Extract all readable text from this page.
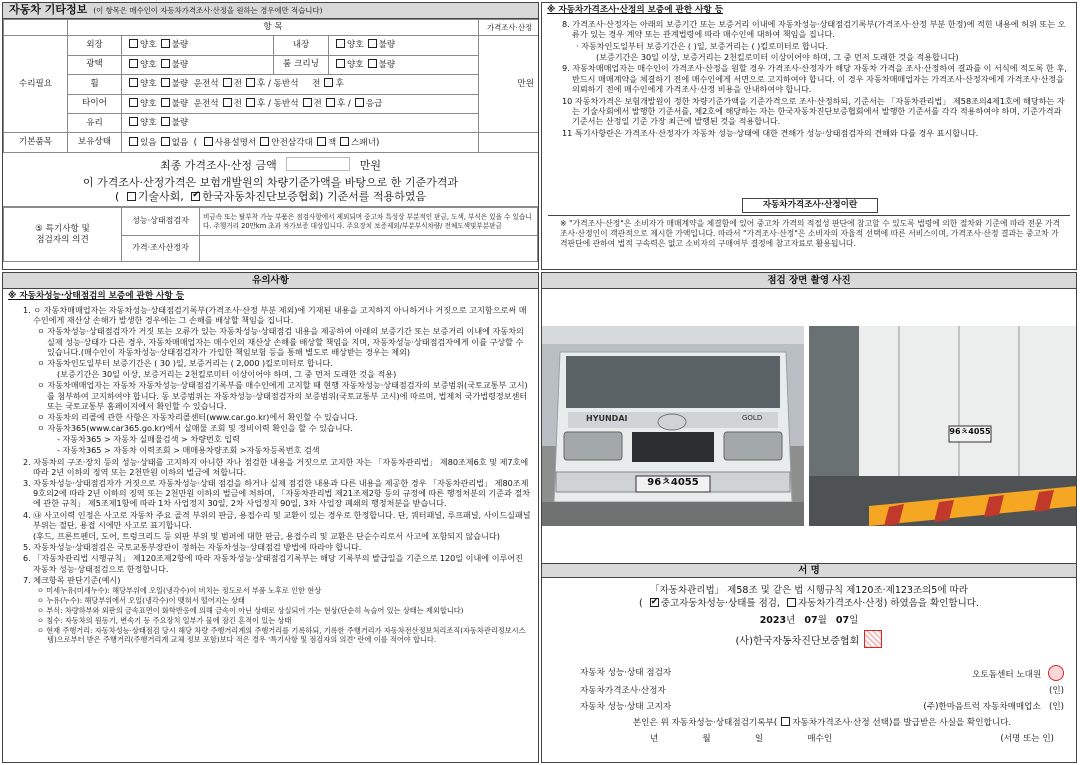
자동차 기타정보 (이 항목은 매수인이 자동차가격조사·산정을 원하는 경우에만 적습니다)
	항 목				가격조사·산정
수리필요	외장	양호 불량	내장	양호 불량	만원
	광택	양호 불량	룸 크리닝	양호 불량	
	휠	양호 불량 운전석 전 후 / 동반석 전 후			
	타이어	양호 불량 운전석 전 후 / 동반석 전 후 / 응급			
	유리	양호 불량			
기본품목	보유상태	있음 없음  ( 사용설명서 안전삼각대 잭 스패너)			
최종 가격조사·산정 금액	만원
이 가격조사·산정가격은 보험개발원의 차량기준가액을 바탕으로 한 기준가격과
( 기술사회, ✔ 한국자동차진단보증협회) 기준서를 적용하였음
⑤ 특기사항 및
점검자의 의견	성능·상태점검자	비금속 또는 탈부착 가능 부품은 점검사항에서 제외되며 중고차 특성상 부분적인 판금, 도색, 부식은 있을 수 있습니다. 주행거리 20만km 초과 차가보증 대상입니다. 주요장치 보증제외/부분부식차량/ 전체도색및부분판금
	가격·조사산정자	
※ 자동차가격조사·산정의 보증에 관한 사항 등

8. 가격조사·산정자는 아래의 보증기간 또는 보증거리 이내에 자동차성능·상태점검기록부(가격조사·산정 부분 한정)에 적힌 내용에 허위 또는 오류가 있는 경우 계약 또는 관계법령에 따라 매수인에 대하여 책임을 집니다.

· 자동차인도일부터 보증기간은 ( )일, 보증거리는 ( )킬로미터로 합니다.

(보증기간은 30일 이상, 보증거리는 2천킬로미터 이상이어야 하며, 그 중 먼저 도래한 것을 적용합니다)

9. 자동차매매업자는 매수인이 가격조사·산정을 원할 경우 가격조사·산정자가 해당 자동차 가격을 조사·산정하여 결과를 이 서식에 적도록 한 후, 반드시 매매계약을 체결하기 전에 매수인에게 서면으로 고지하여야 합니다. 이 경우 자동차매매업자는 가격조사·산정자에게 가격조사·산정을 의뢰하기 전에 매수인에게 가격조사·산정 비용을 안내하여야 합니다.

10 자동차가격은 보험개발원이 정한 차량기준가액을 기준가격으로 조사·산정하되, 기준서는 「자동차관리법」 제58조의4제1호에 해당하는 자는 기술사회에서 발행한 기준서를, 제2호에 해당하는 자는 한국자동차진단보증협회에서 발행한 기준서를 각각 적용하여야 하며, 기준가격과 기준서는 산정일 기준 가장 최근에 발행된 것을 적용합니다.

11 특기사항란은 가격조사·산정자가 자동차 성능·상태에 대한 견해가 성능·상태점검자의 견해와 다를 경우 표시합니다.

자동차가격조사·산정이란
※ "가격조사·산정"은 소비자가 매매계약을 체결함에 있어 중고차 가격의 적절성 판단에 참고할 수 있도록 법령에 의한 절차와 기준에 따라 전문 가격조사·산정인이 객관적으로 제시한 가액입니다. 따라서 "가격조사·산정"은 소비자의 자율적 선택에 따른 서비스이며, 가격조사·산정 결과는 중고차 가격판단에 관하여 법적 구속력은 없고 소비자의 구매여부 결정에 참고자료로 활용됩니다.
유의사항
※ 자동차성능·상태점검의 보증에 관한 사항 등

1. ㅇ 자동차매매업자는 자동차성능·상태점검기록부(가격조사·산정 부분 제외)에 기재된 내용을 고지하지 아니하거나 거짓으로 고지함으로써 매수인에게 재산상 손해가 발생한 경우에는 그 손해를 배상할 책임을 집니다.

ㅇ 자동차성능·상태점검자가 거짓 또는 오류가 있는 자동차성능·상태점검 내용을 제공하여 아래의 보증기간 또는 보증거리 이내에 자동차의 실제 성능·상태가 다른 경우, 자동차매매업자는 매수인의 재산상 손해를 배상할 책임을 지며, 자동차성능·상태점검자에게 이를 구상할 수 있습니다.(매수인이 자동차성능·상태점검자가 가입한 책임보험 등을 통해 별도로 배상받는 경우는 제외)

ㅇ 자동차인도일부터 보증기간은 ( 30 )일, 보증거리는 ( 2,000 )킬로미터로 합니다.

(보증기간은 30일 이상, 보증거리는 2천킬로미터 이상이어야 하며, 그 중 먼저 도래한 것을 적용)

ㅇ 자동차매매업자는 자동차 자동차성능·상태점검기록부를 매수인에게 고지할 때 현행 자동차성능·상태점검자의 보증범위(국토교통부 고시)를 첨부하여 고지하여야 합니다. 동 보증범위는 자동차성능·상태점검자의 보증범위(국토교통부 고시)에 따르며, 법제처 국가법령정보센터 또는 국토교통부 홈페이지에서 확인할 수 있습니다.

ㅇ 자동차의 리콜에 관한 사항은 자동차리콜센터(www.car.go.kr)에서 확인할 수 있습니다.

ㅇ 자동차365(www.car365.go.kr)에서 실매물 조회 및 정비이력 확인을 할 수 있습니다.

- 자동차365 > 자동차 실매물검색 > 차량번호 입력

- 자동차365 > 자동차 이력조회 > 매매용차량조회 >자동차등록번호 검색

2. 자동차의 구조·장치 등의 성능·상태를 고지하지 아니한 자나 점검한 내용을 거짓으로 고지한 자는 「자동차관리법」 제80조제6호 및 제7호에 따라 2년 이하의 징역 또는 2천만원 이하의 벌금에 처합니다.

3. 자동차성능·상태점검자가 거짓으로 자동차성능·상태 점검을 하거나 실제 점검한 내용과 다른 내용을 제공한 경우 「자동차관리법」 제80조제9호의2에 따라 2년 이하의 징역 또는 2천만원 이하의 벌금에 처하며, 「자동차관리법 제21조제2항 등의 규정에 따른 행정처분의 기준과 절차에 관한 규칙」 제5조제1항에 따라 1차 사업정지 30일, 2차 사업정지 90일, 3차 사업장 폐쇄의 행정처분을 받습니다.

4. ㉯ 사고이력 인정은 사고로 자동차 주요 골격 부위의 판금, 용접수리 및 교환이 있는 경우로 한정합니다. 단, 쿼터패널, 루프패널, 사이드실패널 부위는 절단, 용접 시에만 사고로 표기합니다.

(후드, 프론트펜더, 도어, 트렁크리드 등 외판 부위 및 범퍼에 대한 판금, 용접수리 및 교환은 단순수리로서 사고에 포함되지 않습니다)

5. 자동차성능·상태점검은 국토교통부장관이 정하는 자동차성능·상태점검 방법에 따라야 합니다.

6. 「자동차관리법 시행규칙」 제120조제2항에 따라 자동차성능·상태점검기록부는 해당 기록부의 발급일을 기준으로 120일 이내에 이루어진 자동차 성능·상태점검으로 한정합니다.

7. 체크항목 판단기준(예시)

ㅇ 미세누유(미세누수): 해당부위에 오일(냉각수)이 비치는 정도로서 부품 노후로 인한 현상

ㅇ 누유(누수): 해당부위에서 오일(냉각수)이 맺혀서 떨어지는 상태

ㅇ 부식: 차량하부와 외판의 금속표면이 화학반응에 의해 금속이 아닌 상태로 상실되어 가는 현상(단순히 녹슬어 있는 상태는 제외합니다)

ㅇ 침수: 자동차의 원동기, 변속기 등 주요장치 일부가 물에 잠긴 흔적이 있는 상태

ㅇ 현재 주행거리: 자동차성능·상태점검 당시 해당 차량 주행거리계의 주행거리를 기록하되, 기록한 주행거리가 자동차전산정보처리조직(자동차관리정보시스템)으로부터 받은 주행거리(주행거리계 교체 정보 포함)보다 적은 경우 '특기사항 및 점검자의 의견' 란에 이를 적어야 합니다.

점검 장면 촬영 사진
HYUNDAI	GOLD
96ㅊ4055
96ㅊ4055
서 명
「자동차관리법」 제58조 및 같은 법 시행규칙 제120조·제123조의5에 따라
( ✔중고자동차성능·상태를 점검, 자동차가격조사·산정) 하였음을 확인합니다.
2023년 07월 07일
(사)한국자동차진단보증협회
자동차 성능·상태 점검자	오토돔센터 노대원
자동차가격조사·산정자	(인)
자동차 성능·상태 고지자	(주)한마음트럭 자동차매매업소 (인)
본인은 위 자동차성능·상태점검기록부( 자동차가격조사·산정 선택)를 발급받은 사실을 확인합니다.
년	월	일	매수인	(서명 또는 인)
